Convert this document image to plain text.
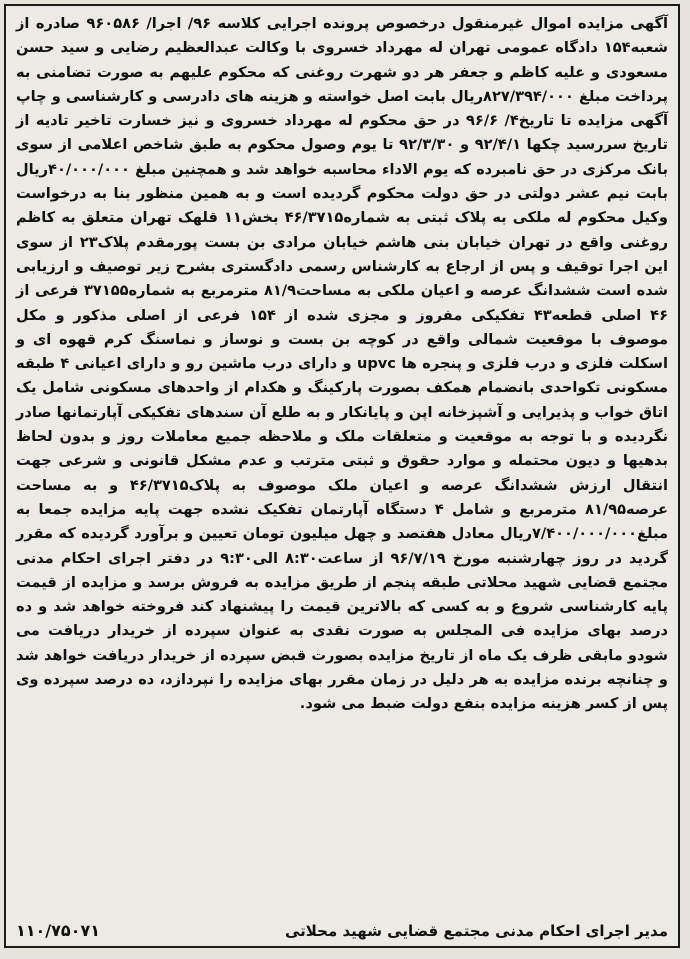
آگهی مزایده اموال غیرمنقول درخصوص پرونده اجرایی کلاسه ۹۶/ اجرا/ ۹۶۰۵۸۶ صادره از شعبه۱۵۴ دادگاه عمومی تهران له مهرداد خسروی با وکالت عبدالعظیم رضایی و سید حسن مسعودی و علیه کاظم و جعفر هر دو شهرت روغنی که محکوم علیهم به صورت تضامنی به پرداخت مبلغ ۸۲۷/۳۹۴/۰۰۰ریال بابت اصل خواسته و هزینه های دادرسی و کارشناسی و چاپ آگهی مزایده تا تاریخ۴/ ۹۶/۶ در حق محکوم له مهرداد خسروی و نیز خسارت تاخیر تادیه از تاریخ سررسید چکها ۹۲/۴/۱ و ۹۲/۳/۳۰ تا یوم وصول محکوم به طبق شاخص اعلامی از سوی بانک مرکزی در حق نامبرده که یوم الاداء محاسبه خواهد شد و همچنین مبلغ ۴۰/۰۰۰/۰۰۰ریال بابت نیم عشر دولتی در حق دولت محکوم گردیده است و به همین منظور بنا به درخواست وکیل محکوم له ملکی به پلاک ثبتی به شماره۴۶/۳۷۱۵ بخش۱۱ قلهک تهران متعلق به کاظم روغنی واقع در تهران خیابان بنی هاشم خیابان مرادی بن بست پورمقدم پلاک۲۳ از سوی این اجرا توقیف و پس از ارجاع به کارشناس رسمی دادگستری بشرح زیر توصیف و ارزیابی شده است ششدانگ عرصه و اعیان ملکی به مساحت۸۱/۹ مترمربع به شماره۳۷۱۵۵ فرعی از ۴۶ اصلی قطعه۴۳ تفکیکی مفروز و مجزی شده از ۱۵۴ فرعی از اصلی مذکور و مکل موصوف با موقعیت شمالی واقع در کوچه بن بست و نوساز و نماسنگ کرم قهوه ای و اسکلت فلزی و درب فلزی و پنجره ها upvc و دارای درب ماشین رو و دارای اعیانی ۴ طبقه مسکونی تکواحدی بانضمام همکف بصورت پارکینگ و هکدام از واحدهای مسکونی شامل یک اتاق خواب و پذیرایی و آشپزخانه اپن و پایانکار و به طلع آن سندهای تفکیکی آپارتمانها صادر نگردیده و با توجه به موقعیت و متعلقات ملک و ملاحظه جمیع معاملات روز و بدون لحاظ بدهیها و دیون محتمله و موارد حقوق و ثبتی مترتب و عدم مشکل قانونی و شرعی جهت انتقال ارزش ششدانگ عرصه و اعیان ملک موصوف به پلاک۴۶/۳۷۱۵ و به مساحت عرصه۸۱/۹۵ مترمربع و شامل ۴ دستگاه آپارتمان تفکیک نشده جهت پایه مزایده جمعا به مبلغ۷/۴۰۰/۰۰۰/۰۰۰ریال معادل هفتصد و چهل میلیون تومان تعیین و برآورد گردیده که مقرر گردید در روز چهارشنبه مورخ ۹۶/۷/۱۹ از ساعت۸:۳۰ الی۹:۳۰ در دفتر اجرای احکام مدنی مجتمع قضایی شهید محلاتی طبقه پنجم از طریق مزایده به فروش برسد و مزایده از قیمت پایه کارشناسی شروع و به کسی که بالاترین قیمت را پیشنهاد کند فروخته خواهد شد و ده درصد بهای مزایده فی المجلس به صورت نقدی به عنوان سپرده از خریدار دریافت می شودو مابقی ظرف یک ماه از تاریخ مزایده بصورت قبض سپرده از خریدار دریافت خواهد شد و چنانچه برنده مزایده به هر دلیل در زمان مقرر بهای مزایده را نپردازد، ده درصد سپرده وی پس از کسر هزینه مزایده بنفع دولت ضبط می شود.

مدیر اجرای احکام مدنی مجتمع قضایی شهید محلاتی
۱۱۰/۷۵۰۷۱
